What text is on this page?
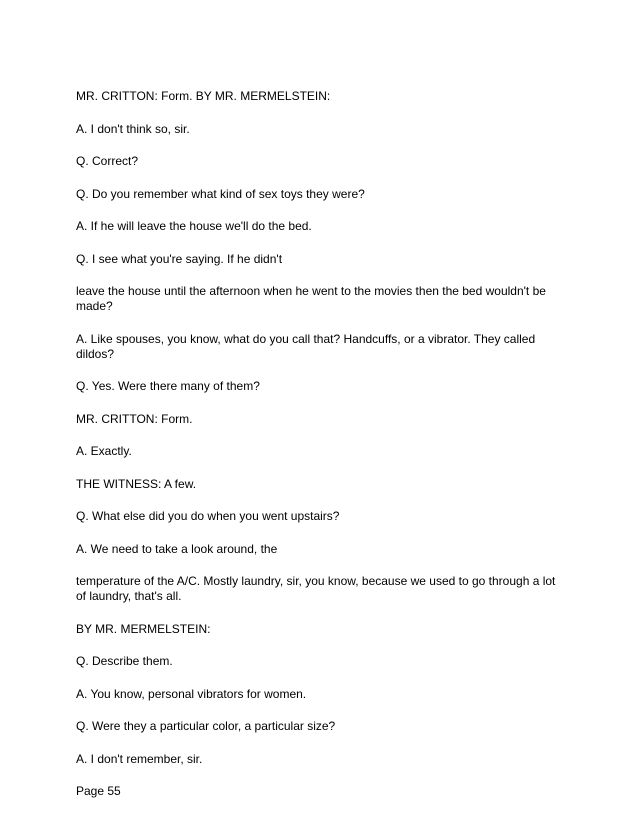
MR. CRITTON: Form. BY MR. MERMELSTEIN:

A. I don't think so, sir.

Q. Correct?

Q. Do you remember what kind of sex toys they were?

A. If he will leave the house we'll do the bed.

Q. I see what you're saying. If he didn't

leave the house until the afternoon when he went to the movies then the bed wouldn't be made?

A. Like spouses, you know, what do you call that? Handcuffs, or a vibrator. They called dildos?

Q. Yes. Were there many of them?

MR. CRITTON: Form.

A. Exactly.

THE WITNESS: A few.

Q. What else did you do when you went upstairs?

A. We need to take a look around, the

temperature of the A/C. Mostly laundry, sir, you know, because we used to go through a lot of laundry, that's all.

BY MR. MERMELSTEIN:

Q. Describe them.

A. You know, personal vibrators for women.

Q. Were they a particular color, a particular size?

A. I don't remember, sir.

Page 55
